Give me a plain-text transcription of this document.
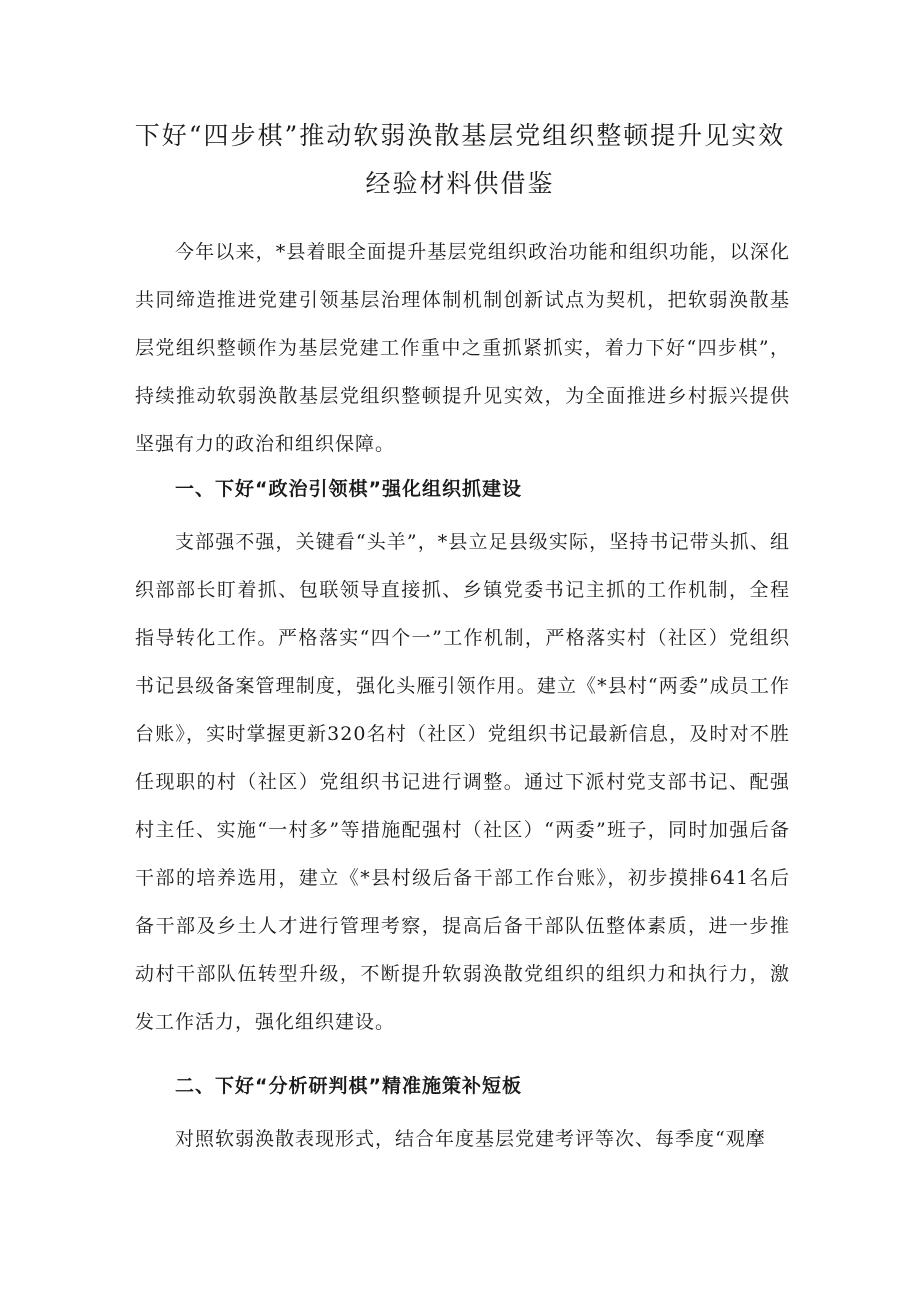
下好“四步棋”推动软弱涣散基层党组织整顿提升见实效经验材料供借鉴

今年以来，*县着眼全面提升基层党组织政治功能和组织功能，以深化共同缔造推进党建引领基层治理体制机制创新试点为契机，把软弱涣散基层党组织整顿作为基层党建工作重中之重抓紧抓实，着力下好“四步棋”，持续推动软弱涣散基层党组织整顿提升见实效，为全面推进乡村振兴提供坚强有力的政治和组织保障。

一、下好“政治引领棋”强化组织抓建设

支部强不强，关键看“头羊”，*县立足县级实际，坚持书记带头抓、组织部部长盯着抓、包联领导直接抓、乡镇党委书记主抓的工作机制，全程指导转化工作。严格落实“四个一”工作机制，严格落实村（社区）党组织书记县级备案管理制度，强化头雁引领作用。建立《*县村“两委”成员工作台账》，实时掌握更新320名村（社区）党组织书记最新信息，及时对不胜任现职的村（社区）党组织书记进行调整。通过下派村党支部书记、配强村主任、实施“一村多”等措施配强村（社区）“两委”班子，同时加强后备干部的培养选用，建立《*县村级后备干部工作台账》，初步摸排641名后备干部及乡土人才进行管理考察，提高后备干部队伍整体素质，进一步推动村干部队伍转型升级，不断提升软弱涣散党组织的组织力和执行力，激发工作活力，强化组织建设。

二、下好“分析研判棋”精准施策补短板

对照软弱涣散表现形式，结合年度基层党建考评等次、每季度“观摩
